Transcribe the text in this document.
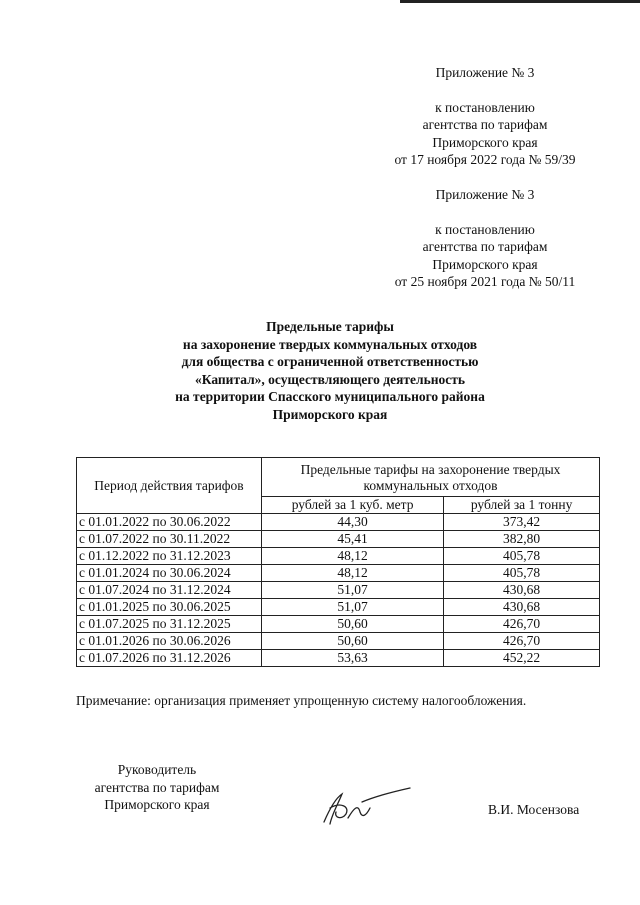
Приложение № 3

к постановлению

агентства по тарифам

Приморского края

от 17 ноября 2022 года № 59/39

Приложение № 3

к постановлению

агентства по тарифам

Приморского края

от 25 ноября 2021 года № 50/11

Предельные тарифы

на захоронение твердых коммунальных отходов

для общества с ограниченной ответственностью

«Капитал», осуществляющего деятельность

на территории Спасского муниципального района

Приморского края

Период действия тарифов	Предельные тарифы на захоронение твердых коммунальных отходов	
	рублей за 1 куб. метр	рублей за 1 тонну
с 01.01.2022 по 30.06.2022	44,30	373,42
с 01.07.2022 по 30.11.2022	45,41	382,80
с 01.12.2022 по 31.12.2023	48,12	405,78
с 01.01.2024 по 30.06.2024	48,12	405,78
с 01.07.2024 по 31.12.2024	51,07	430,68
с 01.01.2025 по 30.06.2025	51,07	430,68
с 01.07.2025 по 31.12.2025	50,60	426,70
с 01.01.2026 по 30.06.2026	50,60	426,70
с 01.07.2026 по 31.12.2026	53,63	452,22
Примечание: организация применяет упрощенную систему налогообложения.

Руководитель

агентства по тарифам

Приморского края	В.И. Мосензова
